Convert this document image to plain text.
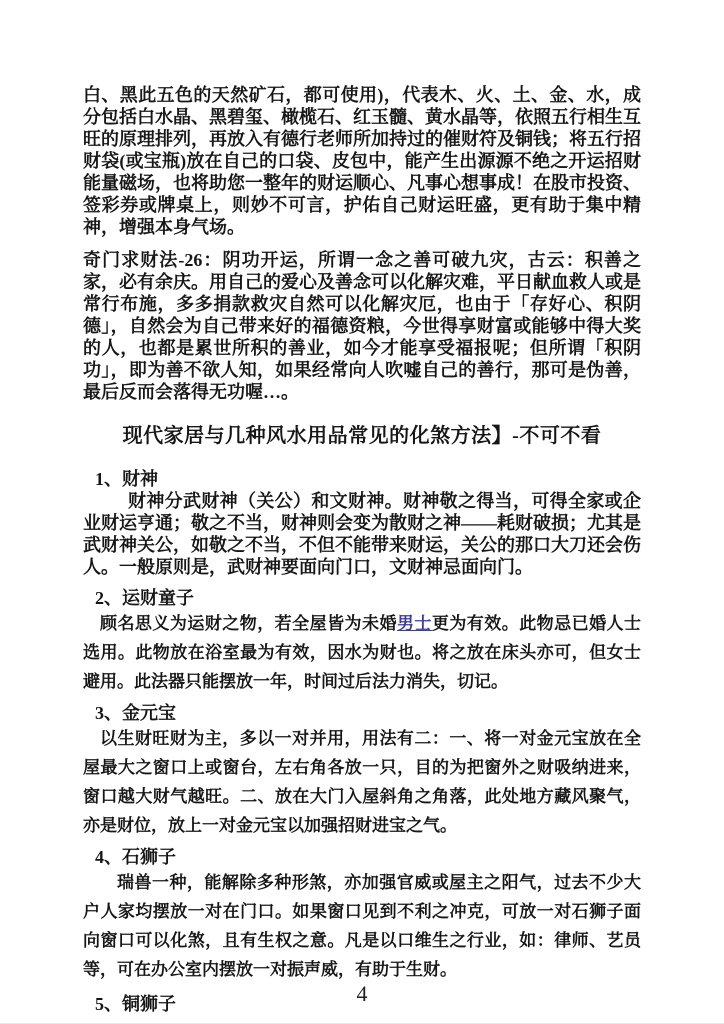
白、黑此五色的天然矿石，都可使用)，代表木、火、土、金、水，成分包括白水晶、黑碧玺、橄榄石、红玉髓、黄水晶等，依照五行相生互旺的原理排列，再放入有德行老师所加持过的催财符及铜钱；将五行招财袋(或宝瓶)放在自己的口袋、皮包中，能产生出源源不绝之开运招财能量磁场，也将助您一整年的财运顺心、凡事心想事成！在股市投资、签彩券或牌桌上，则妙不可言，护佑自己财运旺盛，更有助于集中精神，增强本身气场。

奇门求财法-26：阴功开运，所谓一念之善可破九灾，古云：积善之家，必有余庆。用自己的爱心及善念可以化解灾难，平日献血救人或是常行布施，多多捐款救灾自然可以化解灾厄，也由于「存好心、积阴德」，自然会为自己带来好的福德资粮，今世得享财富或能够中得大奖的人，也都是累世所积的善业，如今才能享受福报呢；但所谓「积阴功」，即为善不欲人知，如果经常向人吹嘘自己的善行，那可是伪善，最后反而会落得无功喔…。

现代家居与几种风水用品常见的化煞方法】-不可不看
1、财神

财神分武财神（关公）和文财神。财神敬之得当，可得全家或企业财运亨通；敬之不当，财神则会变为散财之神——耗财破损；尤其是武财神关公，如敬之不当，不但不能带来财运，关公的那口大刀还会伤人。一般原则是，武财神要面向门口，文财神忌面向门。

2、运财童子

顾名思义为运财之物，若全屋皆为未婚男士更为有效。此物忌已婚人士选用。此物放在浴室最为有效，因水为财也。将之放在床头亦可，但女士避用。此法器只能摆放一年，时间过后法力消失，切记。

3、金元宝

以生财旺财为主，多以一对并用，用法有二：一、将一对金元宝放在全屋最大之窗口上或窗台，左右角各放一只，目的为把窗外之财吸纳进来，窗口越大财气越旺。二、放在大门入屋斜角之角落，此处地方藏风聚气，亦是财位，放上一对金元宝以加强招财进宝之气。

4、石狮子

瑞兽一种，能解除多种形煞，亦加强官威或屋主之阳气，过去不少大户人家均摆放一对在门口。如果窗口见到不利之冲克，可放一对石狮子面向窗口可以化煞，且有生权之意。凡是以口维生之行业，如：律师、艺员等，可在办公室内摆放一对振声威，有助于生财。

5、铜狮子	4
